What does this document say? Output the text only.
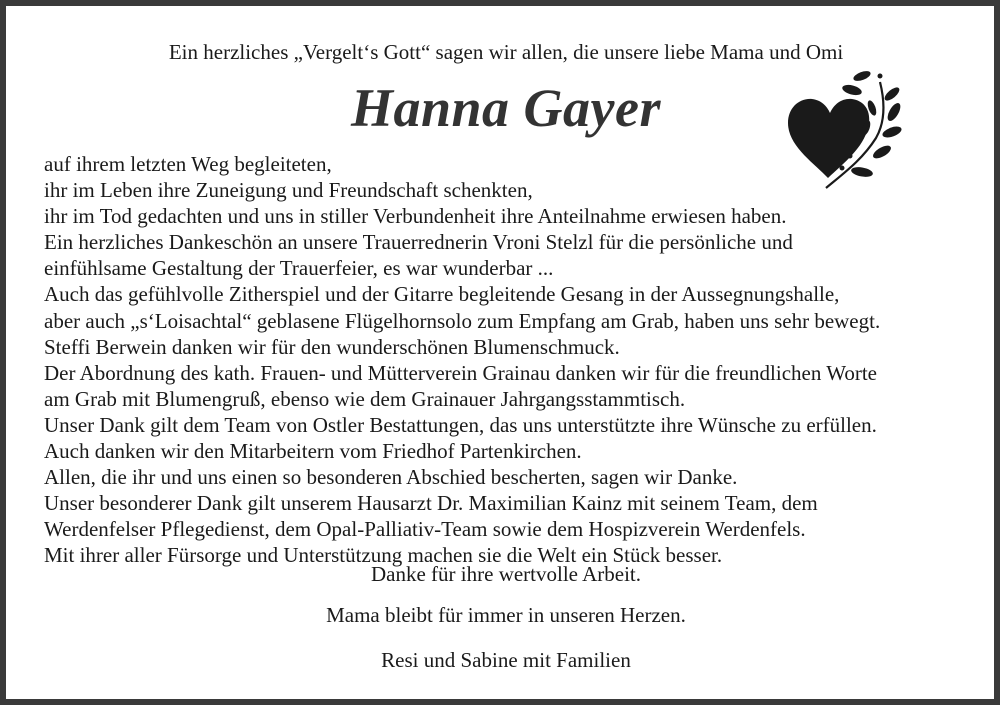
Ein herzliches „Vergelt‘s Gott“ sagen wir allen, die unsere liebe Mama und Omi
Hanna Gayer
auf ihrem letzten Weg begleiteten,
ihr im Leben ihre Zuneigung und Freundschaft schenkten,
ihr im Tod gedachten und uns in stiller Verbundenheit ihre Anteilnahme erwiesen haben.
Ein herzliches Dankeschön an unsere Trauerrednerin Vroni Stelzl für die persönliche und
einfühlsame Gestaltung der Trauerfeier, es war wunderbar ...
Auch das gefühlvolle Zitherspiel und der Gitarre begleitende Gesang in der Aussegnungshalle,
aber auch „s‘Loisachtal“ geblasene Flügelhornsolo zum Empfang am Grab, haben uns sehr bewegt.
Steffi Berwein danken wir für den wunderschönen Blumenschmuck.
Der Abordnung des kath. Frauen- und Mütterverein Grainau danken wir für die freundlichen Worte
am Grab mit Blumengruß, ebenso wie dem Grainauer Jahrgangsstammtisch.
Unser Dank gilt dem Team von Ostler Bestattungen, das uns unterstützte ihre Wünsche zu erfüllen.
Auch danken wir den Mitarbeitern vom Friedhof Partenkirchen.
Allen, die ihr und uns einen so besonderen Abschied bescherten, sagen wir Danke.
Unser besonderer Dank gilt unserem Hausarzt Dr. Maximilian Kainz mit seinem Team, dem
Werdenfelser Pflegedienst, dem Opal-Palliativ-Team sowie dem Hospizverein Werdenfels.
Mit ihrer aller Fürsorge und Unterstützung machen sie die Welt ein Stück besser.
Danke für ihre wertvolle Arbeit.
Mama bleibt für immer in unseren Herzen.
Resi und Sabine mit Familien
